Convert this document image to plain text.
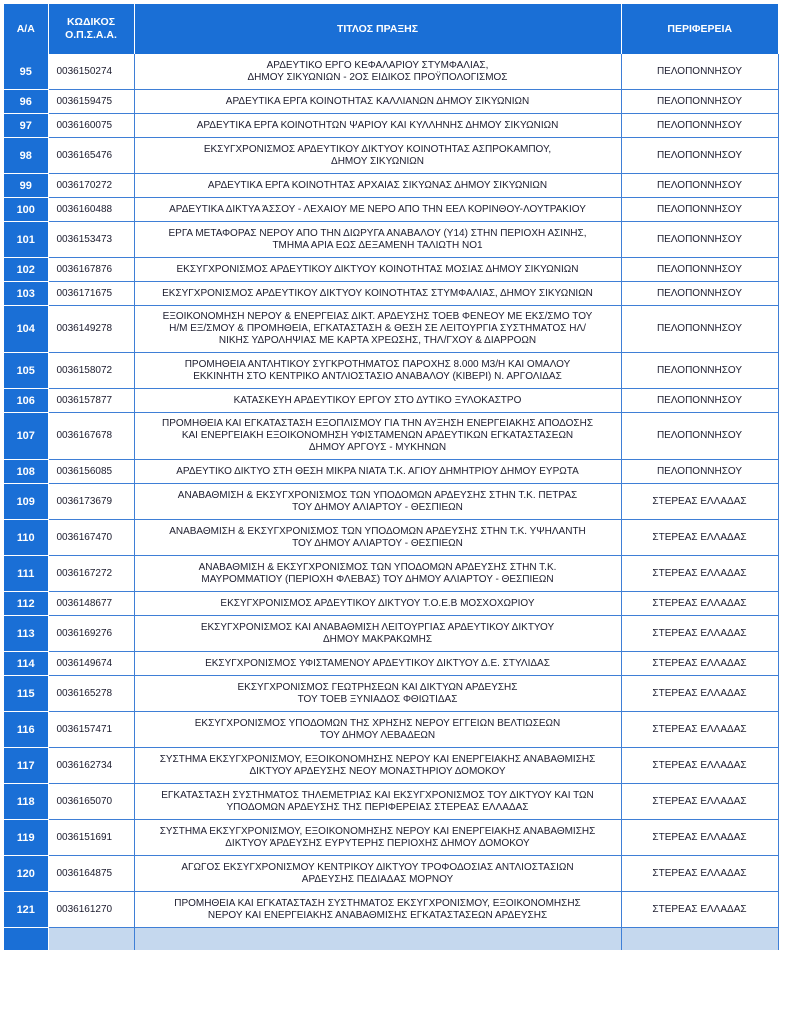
Α/Α	ΚΩΔΙΚΟΣ
Ο.Π.Σ.Α.Α.	ΤΙΤΛΟΣ ΠΡΑΞΗΣ	ΠΕΡΙΦΕΡΕΙΑ
95	0036150274	ΑΡΔΕΥΤΙΚΟ ΕΡΓΟ ΚΕΦΑΛΑΡΙΟΥ ΣΤΥΜΦΑΛΙΑΣ,
ΔΗΜΟΥ ΣΙΚΥΩΝΙΩΝ - 2ΟΣ ΕΙΔΙΚΟΣ ΠΡΟΫΠΟΛΟΓΙΣΜΟΣ	ΠΕΛΟΠΟΝΝΗΣΟΥ
96	0036159475	ΑΡΔΕΥΤΙΚΑ ΕΡΓΑ ΚΟΙΝΟΤΗΤΑΣ ΚΑΛΛΙΑΝΩΝ ΔΗΜΟΥ ΣΙΚΥΩΝΙΩΝ	ΠΕΛΟΠΟΝΝΗΣΟΥ
97	0036160075	ΑΡΔΕΥΤΙΚΑ ΕΡΓΑ ΚΟΙΝΟΤΗΤΩΝ ΨΑΡΙΟΥ ΚΑΙ ΚΥΛΛΗΝΗΣ ΔΗΜΟΥ ΣΙΚΥΩΝΙΩΝ	ΠΕΛΟΠΟΝΝΗΣΟΥ
98	0036165476	ΕΚΣΥΓΧΡΟΝΙΣΜΟΣ ΑΡΔΕΥΤΙΚΟΥ ΔΙΚΤΥΟΥ ΚΟΙΝΟΤΗΤΑΣ ΑΣΠΡΟΚΑΜΠΟΥ,
ΔΗΜΟΥ ΣΙΚΥΩΝΙΩΝ	ΠΕΛΟΠΟΝΝΗΣΟΥ
99	0036170272	ΑΡΔΕΥΤΙΚΑ ΕΡΓΑ ΚΟΙΝΟΤΗΤΑΣ ΑΡΧΑΙΑΣ ΣΙΚΥΩΝΑΣ ΔΗΜΟΥ ΣΙΚΥΩΝΙΩΝ	ΠΕΛΟΠΟΝΝΗΣΟΥ
100	0036160488	ΑΡΔΕΥΤΙΚΑ ΔΙΚΤΥΑ ΆΣΣΟΥ - ΛΕΧΑΙΟΥ ΜΕ ΝΕΡΟ ΑΠΟ ΤΗΝ ΕΕΛ ΚΟΡΙΝΘΟΥ-ΛΟΥΤΡΑΚΙΟΥ	ΠΕΛΟΠΟΝΝΗΣΟΥ
101	0036153473	ΕΡΓΑ ΜΕΤΑΦΟΡΑΣ ΝΕΡΟΥ ΑΠΟ ΤΗΝ ΔΙΩΡΥΓΑ ΑΝΑΒΑΛΟΥ (Y14) ΣΤΗΝ ΠΕΡΙΟΧΗ ΑΣΙΝΗΣ,
ΤΜΗΜΑ ΑΡΙΑ ΕΩΣ ΔΕΞΑΜΕΝΗ ΤΑΛΙΩΤΗ ΝΟ1	ΠΕΛΟΠΟΝΝΗΣΟΥ
102	0036167876	ΕΚΣΥΓΧΡΟΝΙΣΜΟΣ ΑΡΔΕΥΤΙΚΟΥ ΔΙΚΤΥΟΥ ΚΟΙΝΟΤΗΤΑΣ ΜΟΣΙΑΣ ΔΗΜΟΥ ΣΙΚΥΩΝΙΩΝ	ΠΕΛΟΠΟΝΝΗΣΟΥ
103	0036171675	ΕΚΣΥΓΧΡΟΝΙΣΜΟΣ ΑΡΔΕΥΤΙΚΟΥ ΔΙΚΤΥΟΥ ΚΟΙΝΟΤΗΤΑΣ ΣΤΥΜΦΑΛΙΑΣ, ΔΗΜΟΥ ΣΙΚΥΩΝΙΩΝ	ΠΕΛΟΠΟΝΝΗΣΟΥ
104	0036149278	ΕΞΟΙΚΟΝΟΜΗΣΗ ΝΕΡΟΥ & ΕΝΕΡΓΕΙΑΣ ΔΙΚΤ. ΑΡΔΕΥΣΗΣ ΤΟΕΒ ΦΕΝΕΟΥ ΜΕ ΕΚΣ/ΣΜΟ ΤΟΥ
Η/Μ ΕΞ/ΣΜΟΥ & ΠΡΟΜΗΘΕΙΑ, ΕΓΚΑΤΑΣΤΑΣΗ & ΘΕΣΗ ΣΕ ΛΕΙΤΟΥΡΓΙΑ ΣΥΣΤΗΜΑΤΟΣ ΗΛ/
ΝΙΚΗΣ ΥΔΡΟΛΗΨΙΑΣ ΜΕ ΚΑΡΤΑ ΧΡΕΩΣΗΣ, ΤΗΛ/ΓΧΟΥ & ΔΙΑΡΡΟΩΝ	ΠΕΛΟΠΟΝΝΗΣΟΥ
105	0036158072	ΠΡΟΜΗΘΕΙΑ ΑΝΤΛΗΤΙΚΟΥ ΣΥΓΚΡΟΤΗΜΑΤΟΣ ΠΑΡΟΧΗΣ 8.000 Μ3/Η ΚΑΙ ΟΜΑΛΟΥ
ΕΚΚΙΝΗΤΗ ΣΤΟ ΚΕΝΤΡΙΚΟ ΑΝΤΛΙΟΣΤΑΣΙΟ ΑΝΑΒΑΛΟΥ (ΚΙΒΕΡΙ) Ν. ΑΡΓΟΛΙΔΑΣ	ΠΕΛΟΠΟΝΝΗΣΟΥ
106	0036157877	ΚΑΤΑΣΚΕΥΗ ΑΡΔΕΥΤΙΚΟΥ ΕΡΓΟΥ ΣΤΟ ΔΥΤΙΚΟ ΞΥΛΟΚΑΣΤΡΟ	ΠΕΛΟΠΟΝΝΗΣΟΥ
107	0036167678	ΠΡΟΜΗΘΕΙΑ ΚΑΙ ΕΓΚΑΤΑΣΤΑΣΗ ΕΞΟΠΛΙΣΜΟΥ ΓΙΑ ΤΗΝ ΑΥΞΗΣΗ ΕΝΕΡΓΕΙΑΚΗΣ ΑΠΟΔΟΣΗΣ
ΚΑΙ ΕΝΕΡΓΕΙΑΚΗ ΕΞΟΙΚΟΝΟΜΗΣΗ ΥΦΙΣΤΑΜΕΝΩΝ ΑΡΔΕΥΤΙΚΩΝ ΕΓΚΑΤΑΣΤΑΣΕΩΝ
ΔΗΜΟΥ ΑΡΓΟΥΣ - ΜΥΚΗΝΩΝ	ΠΕΛΟΠΟΝΝΗΣΟΥ
108	0036156085	ΑΡΔΕΥΤΙΚΟ ΔΙΚΤΥΟ ΣΤΗ ΘΕΣΗ ΜΙΚΡΑ ΝΙΑΤΑ Τ.Κ. ΑΓΙΟΥ ΔΗΜΗΤΡΙΟΥ ΔΗΜΟΥ ΕΥΡΩΤΑ	ΠΕΛΟΠΟΝΝΗΣΟΥ
109	0036173679	ΑΝΑΒΑΘΜΙΣΗ & ΕΚΣΥΓΧΡΟΝΙΣΜΟΣ ΤΩΝ ΥΠΟΔΟΜΩΝ ΑΡΔΕΥΣΗΣ ΣΤΗΝ Τ.Κ. ΠΕΤΡΑΣ
ΤΟΥ ΔΗΜΟΥ ΑΛΙΑΡΤΟΥ - ΘΕΣΠΙΕΩΝ	ΣΤΕΡΕΑΣ ΕΛΛΑΔΑΣ
110	0036167470	ΑΝΑΒΑΘΜΙΣΗ & ΕΚΣΥΓΧΡΟΝΙΣΜΟΣ ΤΩΝ ΥΠΟΔΟΜΩΝ ΑΡΔΕΥΣΗΣ ΣΤΗΝ Τ.Κ. ΥΨΗΛΑΝΤΗ
ΤΟΥ ΔΗΜΟΥ ΑΛΙΑΡΤΟΥ - ΘΕΣΠΙΕΩΝ	ΣΤΕΡΕΑΣ ΕΛΛΑΔΑΣ
111	0036167272	ΑΝΑΒΑΘΜΙΣΗ & ΕΚΣΥΓΧΡΟΝΙΣΜΟΣ ΤΩΝ ΥΠΟΔΟΜΩΝ ΑΡΔΕΥΣΗΣ ΣΤΗΝ Τ.Κ.
ΜΑΥΡΟΜΜΑΤΙΟΥ (ΠΕΡΙΟΧΗ ΦΛΕΒΑΣ) ΤΟΥ ΔΗΜΟΥ ΑΛΙΑΡΤΟΥ - ΘΕΣΠΙΕΩΝ	ΣΤΕΡΕΑΣ ΕΛΛΑΔΑΣ
112	0036148677	ΕΚΣΥΓΧΡΟΝΙΣΜΟΣ ΑΡΔΕΥΤΙΚΟΥ ΔΙΚΤΥΟΥ Τ.Ο.Ε.Β ΜΟΣΧΟΧΩΡΙΟΥ	ΣΤΕΡΕΑΣ ΕΛΛΑΔΑΣ
113	0036169276	ΕΚΣΥΓΧΡΟΝΙΣΜΟΣ ΚΑΙ ΑΝΑΒΑΘΜΙΣΗ ΛΕΙΤΟΥΡΓΙΑΣ ΑΡΔΕΥΤΙΚΟΥ ΔΙΚΤΥΟΥ
ΔΗΜΟΥ ΜΑΚΡΑΚΩΜΗΣ	ΣΤΕΡΕΑΣ ΕΛΛΑΔΑΣ
114	0036149674	ΕΚΣΥΓΧΡΟΝΙΣΜΟΣ ΥΦΙΣΤΑΜΕΝΟΥ ΑΡΔΕΥΤΙΚΟΥ ΔΙΚΤΥΟΥ Δ.Ε. ΣΤΥΛΙΔΑΣ	ΣΤΕΡΕΑΣ ΕΛΛΑΔΑΣ
115	0036165278	ΕΚΣΥΓΧΡΟΝΙΣΜΟΣ ΓΕΩΤΡΗΣΕΩΝ ΚΑΙ ΔΙΚΤΥΩΝ ΑΡΔΕΥΣΗΣ
ΤΟΥ ΤΟΕΒ ΞΥΝΙΑΔΟΣ ΦΘΙΩΤΙΔΑΣ	ΣΤΕΡΕΑΣ ΕΛΛΑΔΑΣ
116	0036157471	ΕΚΣΥΓΧΡΟΝΙΣΜΟΣ ΥΠΟΔΟΜΩΝ ΤΗΣ ΧΡΗΣΗΣ ΝΕΡΟΥ ΕΓΓΕΙΩΝ ΒΕΛΤΙΩΣΕΩΝ
ΤΟΥ ΔΗΜΟΥ ΛΕΒΑΔΕΩΝ	ΣΤΕΡΕΑΣ ΕΛΛΑΔΑΣ
117	0036162734	ΣΥΣΤΗΜΑ ΕΚΣΥΓΧΡΟΝΙΣΜΟΥ, ΕΞΟΙΚΟΝΟΜΗΣΗΣ ΝΕΡΟΥ ΚΑΙ ΕΝΕΡΓΕΙΑΚΗΣ ΑΝΑΒΑΘΜΙΣΗΣ
ΔΙΚΤΥΟΥ ΑΡΔΕΥΣΗΣ ΝΕΟΥ ΜΟΝΑΣΤΗΡΙΟΥ ΔΟΜΟΚΟΥ	ΣΤΕΡΕΑΣ ΕΛΛΑΔΑΣ
118	0036165070	ΕΓΚΑΤΑΣΤΑΣΗ ΣΥΣΤΗΜΑΤΟΣ ΤΗΛΕΜΕΤΡΙΑΣ ΚΑΙ ΕΚΣΥΓΧΡΟΝΙΣΜΟΣ ΤΟΥ ΔΙΚΤΥΟΥ ΚΑΙ ΤΩΝ
ΥΠΟΔΟΜΩΝ ΑΡΔΕΥΣΗΣ ΤΗΣ ΠΕΡΙΦΕΡΕΙΑΣ ΣΤΕΡΕΑΣ ΕΛΛΑΔΑΣ	ΣΤΕΡΕΑΣ ΕΛΛΑΔΑΣ
119	0036151691	ΣΥΣΤΗΜΑ ΕΚΣΥΓΧΡΟΝΙΣΜΟΥ, ΕΞΟΙΚΟΝΟΜΗΣΗΣ ΝΕΡΟΥ ΚΑΙ ΕΝΕΡΓΕΙΑΚΗΣ ΑΝΑΒΑΘΜΙΣΗΣ
ΔΙΚΤΥΟΥ ΆΡΔΕΥΣΗΣ ΕΥΡΥΤΕΡΗΣ ΠΕΡΙΟΧΗΣ ΔΗΜΟΥ ΔΟΜΟΚΟΥ	ΣΤΕΡΕΑΣ ΕΛΛΑΔΑΣ
120	0036164875	ΑΓΩΓΟΣ ΕΚΣΥΓΧΡΟΝΙΣΜΟΥ ΚΕΝΤΡΙΚΟΥ ΔΙΚΤΥΟΥ ΤΡΟΦΟΔΟΣΙΑΣ ΑΝΤΛΙΟΣΤΑΣΙΩΝ
ΑΡΔΕΥΣΗΣ ΠΕΔΙΑΔΑΣ ΜΟΡΝΟΥ	ΣΤΕΡΕΑΣ ΕΛΛΑΔΑΣ
121	0036161270	ΠΡΟΜΗΘΕΙΑ ΚΑΙ ΕΓΚΑΤΑΣΤΑΣΗ ΣΥΣΤΗΜΑΤΟΣ ΕΚΣΥΓΧΡΟΝΙΣΜΟΥ, ΕΞΟΙΚΟΝΟΜΗΣΗΣ
ΝΕΡΟΥ ΚΑΙ ΕΝΕΡΓΕΙΑΚΗΣ ΑΝΑΒΑΘΜΙΣΗΣ ΕΓΚΑΤΑΣΤΑΣΕΩΝ ΑΡΔΕΥΣΗΣ	ΣΤΕΡΕΑΣ ΕΛΛΑΔΑΣ
